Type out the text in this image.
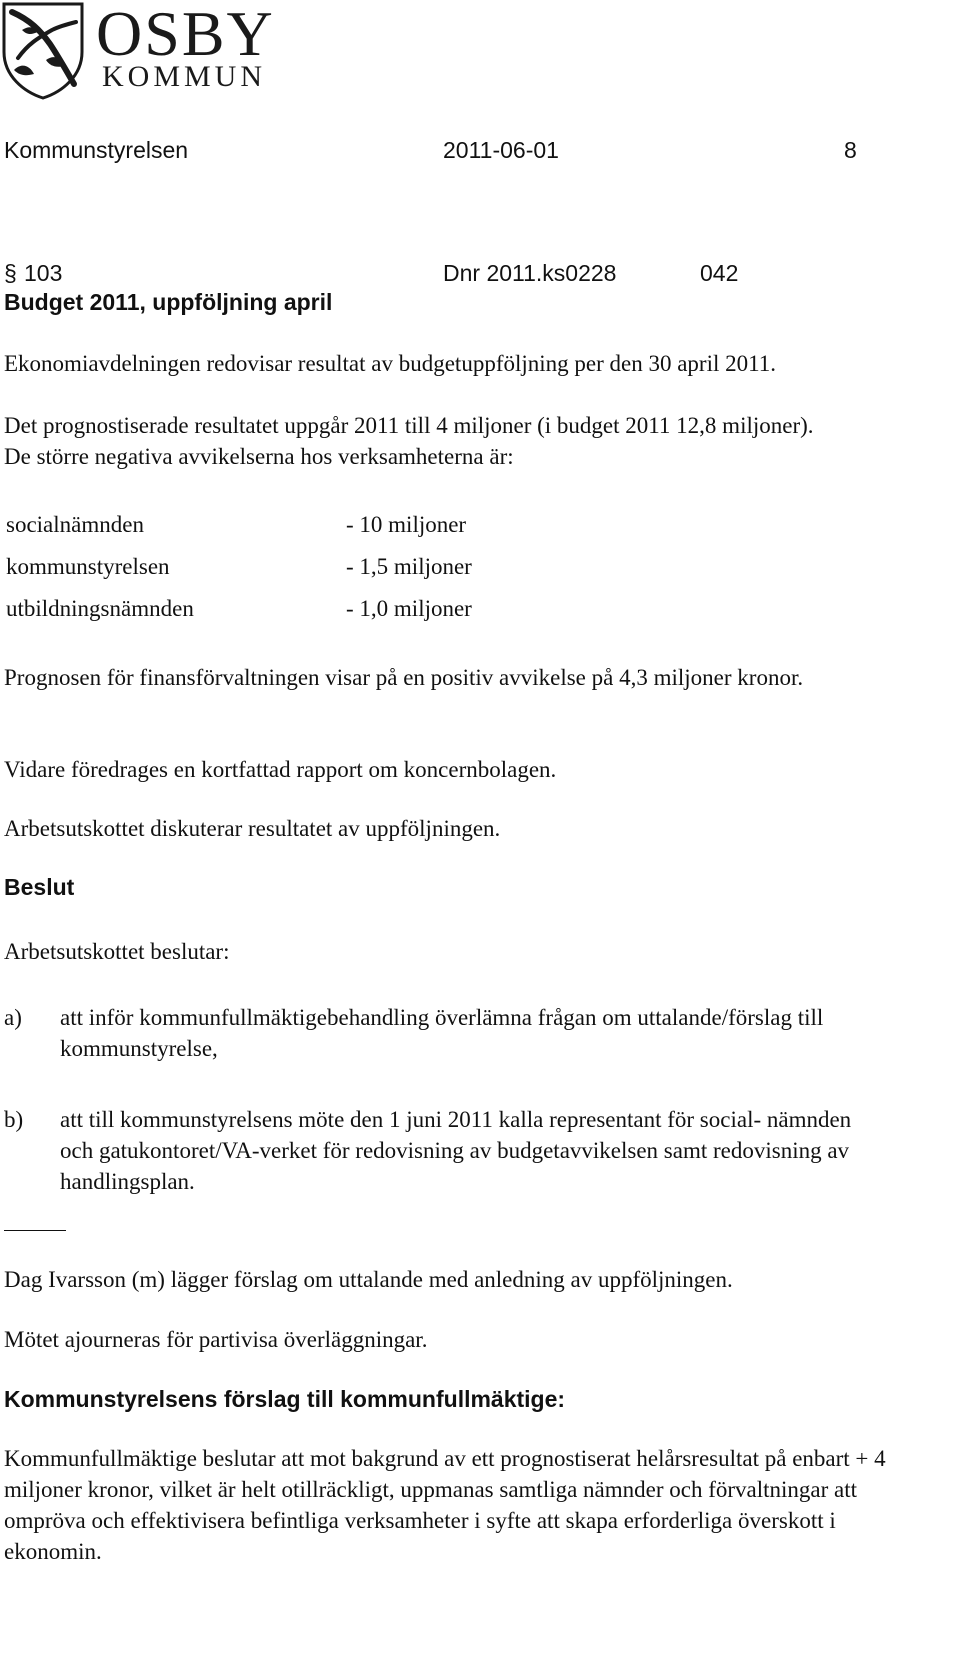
OSBY
KOMMUN
Kommunstyrelsen	2011-06-01	8
§ 103	Dnr 2011.ks0228	042
Budget 2011, uppföljning april
Ekonomiavdelningen redovisar resultat av budgetuppföljning per den 30 april 2011.
Det prognostiserade resultatet uppgår 2011 till 4 miljoner (i budget 2011 12,8 miljoner). De större negativa avvikelserna hos verksamheterna är:
socialnämnden	- 10 miljoner
kommunstyrelsen	- 1,5 miljoner
utbildningsnämnden	- 1,0 miljoner
Prognosen för finansförvaltningen visar på en positiv avvikelse på 4,3 miljoner kronor.
Vidare föredrages en kortfattad rapport om koncernbolagen.
Arbetsutskottet diskuterar resultatet av uppföljningen.
Beslut
Arbetsutskottet beslutar:
a) att inför kommunfullmäktigebehandling överlämna frågan om uttalande/förslag till kommunstyrelse,
b) att till kommunstyrelsens möte den 1 juni 2011 kalla representant för social- nämnden och gatukontoret/VA-verket för redovisning av budgetavvikelsen samt redovisning av handlingsplan.
Dag Ivarsson (m) lägger förslag om uttalande med anledning av uppföljningen.
Mötet ajourneras för partivisa överläggningar.
Kommunstyrelsens förslag till kommunfullmäktige:
Kommunfullmäktige beslutar att mot bakgrund av ett prognostiserat helårsresultat på enbart + 4 miljoner kronor, vilket är helt otillräckligt, uppmanas samtliga nämnder och förvaltningar att ompröva och effektivisera befintliga verksamheter i syfte att skapa erforderliga överskott i ekonomin.
